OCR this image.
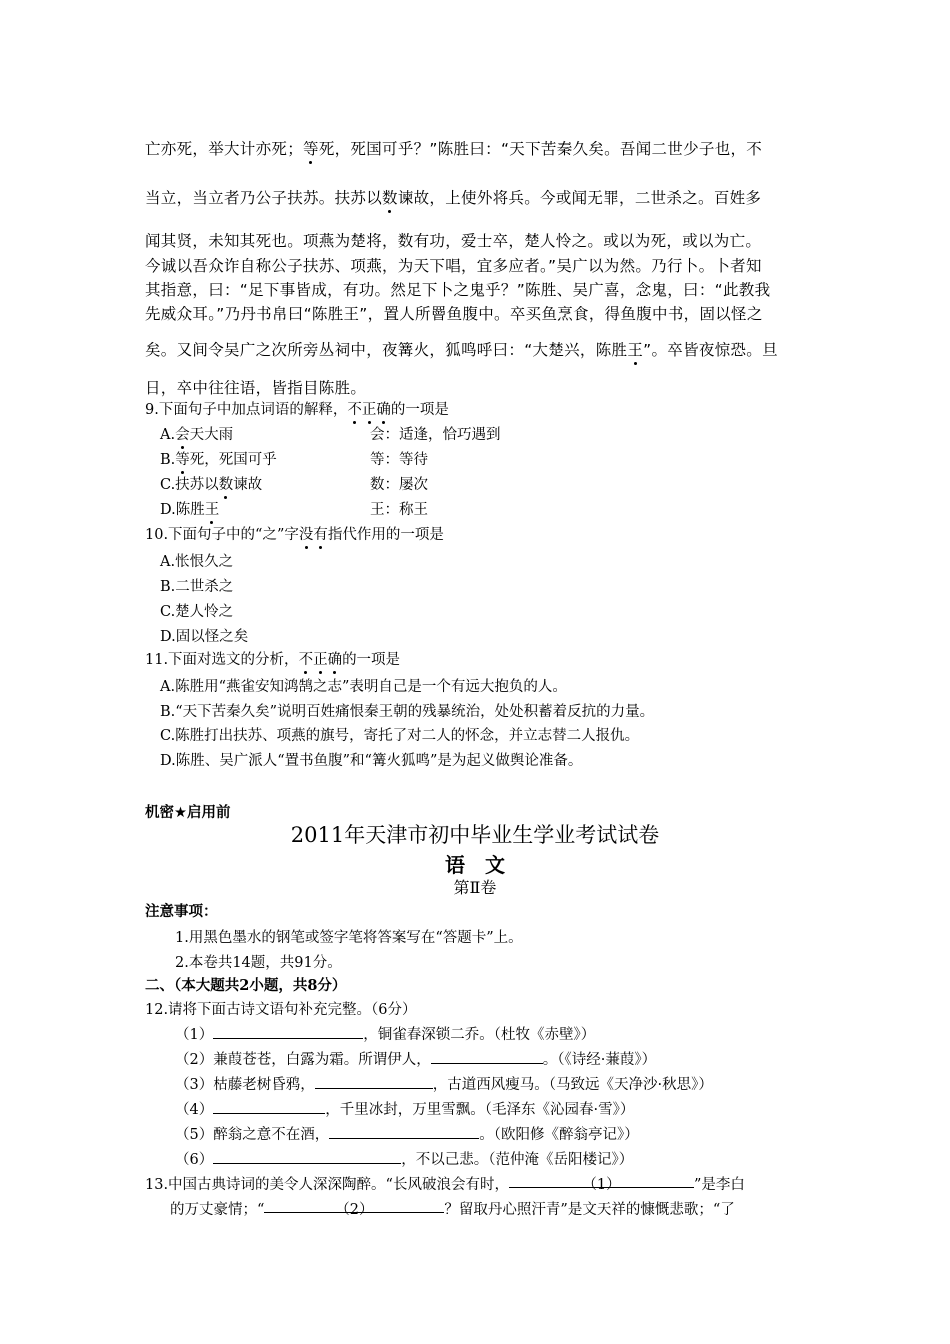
亡亦死，举大计亦死；等死，死国可乎？”陈胜曰：“天下苦秦久矣。吾闻二世少子也，不
当立，当立者乃公子扶苏。扶苏以数谏故，上使外将兵。今或闻无罪，二世杀之。百姓多
闻其贤，未知其死也。项燕为楚将，数有功，爱士卒，楚人怜之。或以为死，或以为亡。
今诚以吾众诈自称公子扶苏、项燕，为天下唱，宜多应者。”吴广以为然。乃行卜。卜者知
其指意，曰：“足下事皆成，有功。然足下卜之鬼乎？”陈胜、吴广喜，念鬼，曰：“此教我
先威众耳。”乃丹书帛曰“陈胜王”，置人所罾鱼腹中。卒买鱼烹食，得鱼腹中书，固以怪之
矣。又间令吴广之次所旁丛祠中，夜篝火，狐鸣呼曰：“大楚兴，陈胜王”。卒皆夜惊恐。旦
日，卒中往往语，皆指目陈胜。
9.下面句子中加点词语的解释，不正确的一项是
A.会天大雨	会：适逢，恰巧遇到
B.等死，死国可乎	等：等待
C.扶苏以数谏故	数：屡次
D.陈胜王	王：称王
10.下面句子中的“之”字没有指代作用的一项是
A.怅恨久之
B.二世杀之
C.楚人怜之
D.固以怪之矣
11.下面对选文的分析，不正确的一项是
A.陈胜用“燕雀安知鸿鹄之志”表明自己是一个有远大抱负的人。
B.“天下苦秦久矣”说明百姓痛恨秦王朝的残暴统治，处处积蓄着反抗的力量。
C.陈胜打出扶苏、项燕的旗号，寄托了对二人的怀念，并立志替二人报仇。
D.陈胜、吴广派人“置书鱼腹”和“篝火狐鸣”是为起义做舆论准备。
机密★启用前
2011年天津市初中毕业生学业考试试卷
语　文
第Ⅱ卷
注意事项：
1.用黑色墨水的钢笔或签字笔将答案写在“答题卡”上。
2.本卷共14题，共91分。
二、（本大题共2小题，共8分）
12.请将下面古诗文语句补充完整。（6分）
（1）	，铜雀春深锁二乔。（杜牧《赤壁》）
（2）兼葭苍苍，白露为霜。所谓伊人，	。（《诗经·蒹葭》）
（3）枯藤老树昏鸦，	，古道西风瘦马。（马致远《天净沙·秋思》）
（4）	，千里冰封，万里雪飘。（毛泽东《沁园春·雪》）
（5）醉翁之意不在酒，	。（欧阳修《醉翁亭记》）
（6）	，不以己悲。（范仲淹《岳阳楼记》）
13.中国古典诗词的美令人深深陶醉。“长风破浪会有时，	（1）	”是李白
的万丈豪情；“	（2）	？留取丹心照汗青”是文天祥的慷慨悲歌；“了
